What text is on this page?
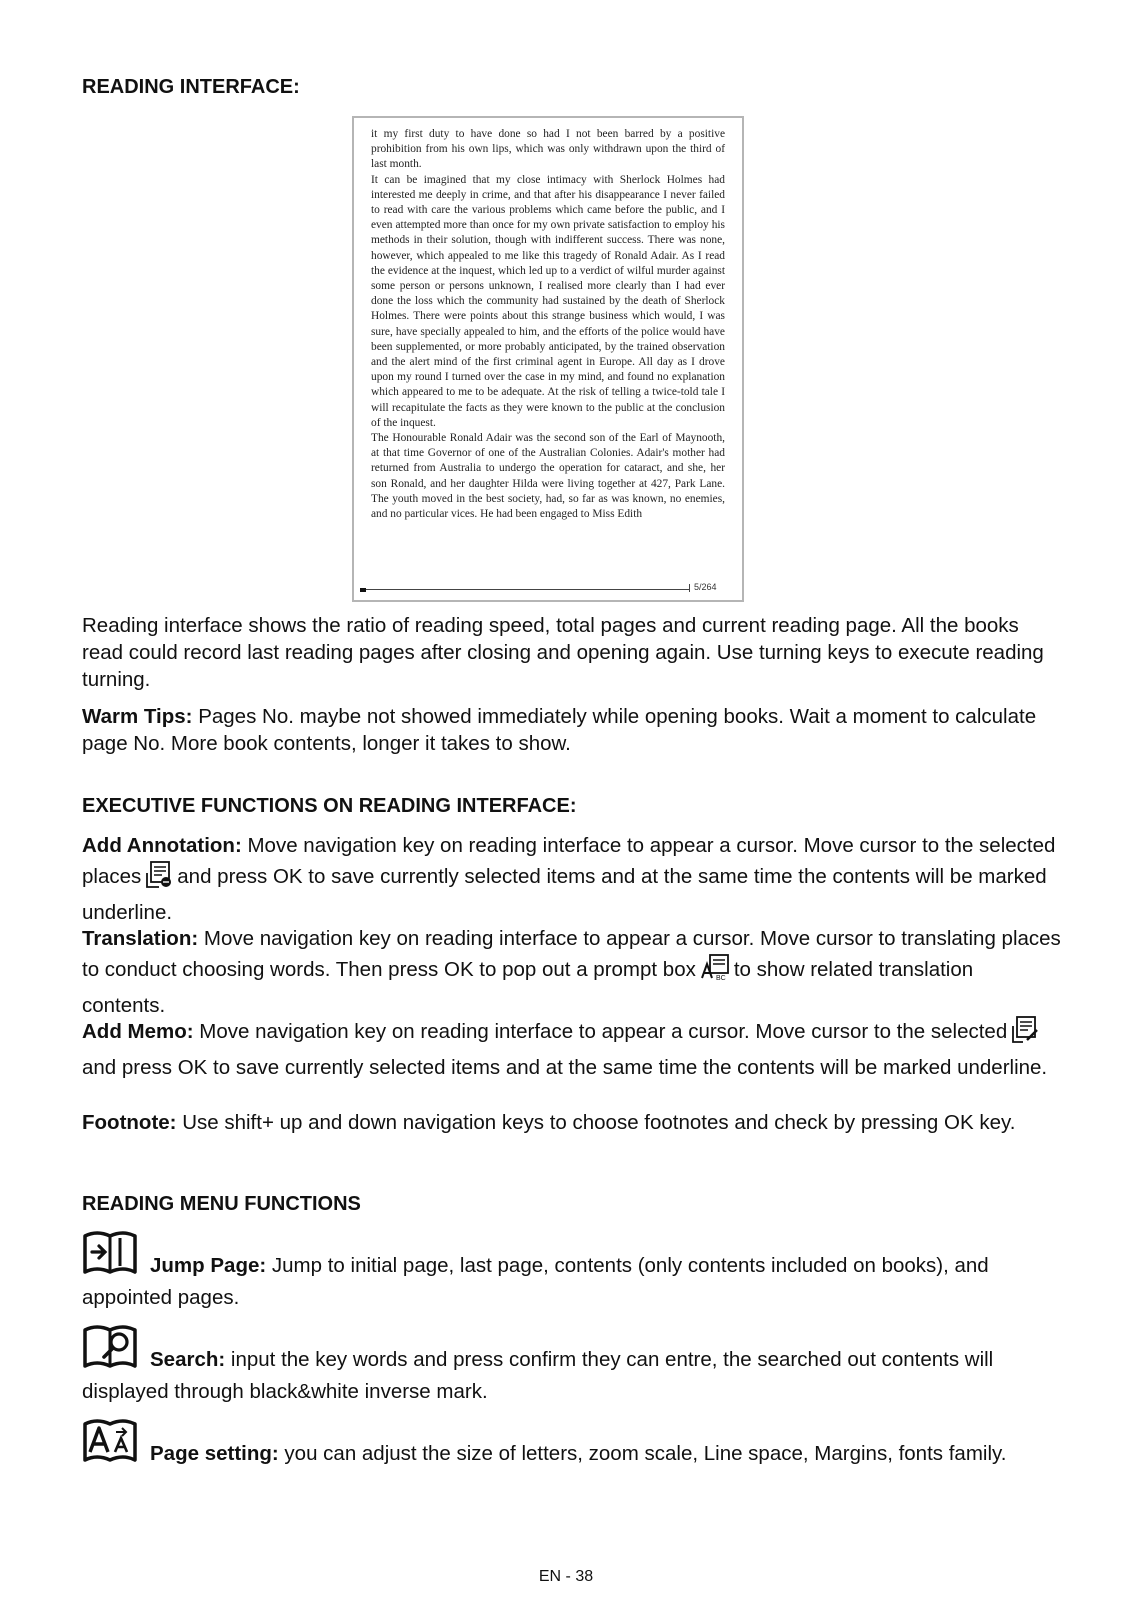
READING INTERFACE:

it my first duty to have done so had I not been barred by a positive prohibition from his own lips, which was only withdrawn upon the third of last month.
It can be imagined that my close intimacy with Sherlock Holmes had interested me deeply in crime, and that after his disappearance I never failed to read with care the various problems which came before the public, and I even attempted more than once for my own private satisfaction to employ his methods in their solution, though with indifferent success. There was none, however, which appealed to me like this tragedy of Ronald Adair. As I read the evidence at the inquest, which led up to a verdict of wilful murder against some person or persons unknown, I realised more clearly than I had ever done the loss which the community had sustained by the death of Sherlock Holmes. There were points about this strange business which would, I was sure, have specially appealed to him, and the efforts of the police would have been supplemented, or more probably anticipated, by the trained observation and the alert mind of the first criminal agent in Europe. All day as I drove upon my round I turned over the case in my mind, and found no explanation which appeared to me to be adequate. At the risk of telling a twice-told tale I will recapitulate the facts as they were known to the public at the conclusion of the inquest.
The Honourable Ronald Adair was the second son of the Earl of Maynooth, at that time Governor of one of the Australian Colonies. Adair's mother had returned from Australia to undergo the operation for cataract, and she, her son Ronald, and her daughter Hilda were living together at 427, Park Lane. The youth moved in the best society, had, so far as was known, no enemies, and no particular vices. He had been engaged to Miss Edith

5/264

Reading interface shows the ratio of reading speed, total pages and current reading page. All the books read could record last reading pages after closing and opening again. Use turning keys to execute reading turning.

Warm Tips: Pages No. maybe not showed immediately while opening books. Wait a moment to calculate page No. More book contents, longer it takes to show.

EXECUTIVE FUNCTIONS ON READING INTERFACE:

Add Annotation: Move navigation key on reading interface to appear a cursor. Move cursor to the selected places and press OK to save currently selected items and at the same time the contents will be marked underline.

Translation: Move navigation key on reading interface to appear a cursor. Move cursor to translating places to conduct choosing words. Then press OK to pop out a prompt box	BC to show related translation contents.

Add Memo: Move navigation key on reading interface to appear a cursor. Move cursor to the selectedand press OK to save currently selected items and at the same time the contents will be marked underline.

Footnote: Use shift+ up and down navigation keys to choose footnotes and check by pressing OK key.

READING MENU FUNCTIONS

Jump Page: Jump to initial page, last page, contents (only contents included on books), and appointed pages.

Search: input the key words and press confirm they can entre, the searched out contents will displayed through black&white inverse mark.

Page setting: you can adjust the size of letters, zoom scale, Line space, Margins, fonts family.

EN - 38
